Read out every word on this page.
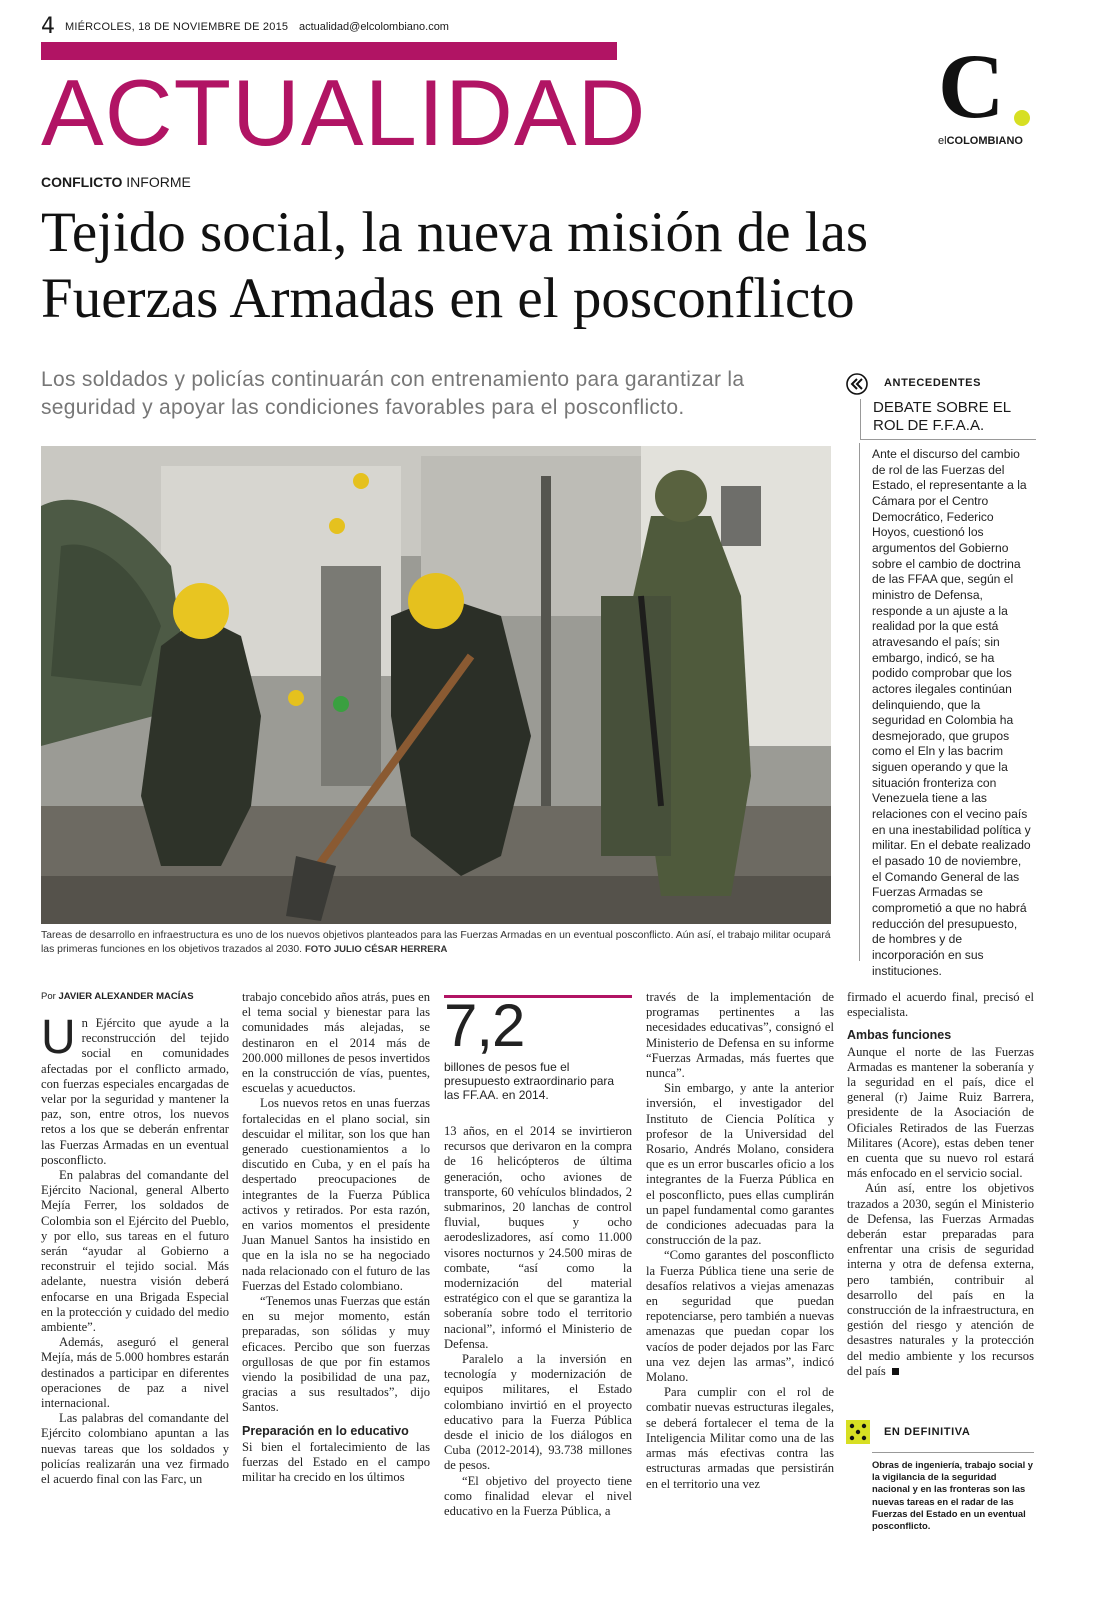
4 MIÉRCOLES, 18 DE NOVIEMBRE DE 2015 actualidad@elcolombiano.com
ACTUALIDAD	C
elCOLOMBIANO
CONFLICTO INFORME
Tejido social, la nueva misión de las Fuerzas Armadas en el posconflicto
Los soldados y policías continuarán con entrenamiento para garantizar la seguridad y apoyar las condiciones favorables para el posconflicto.
Tareas de desarrollo en infraestructura es uno de los nuevos objetivos planteados para las Fuerzas Armadas en un eventual posconflicto. Aún así, el trabajo militar ocupará las primeras funciones en los objetivos trazados al 2030. FOTO JULIO CÉSAR HERRERA
ANTECEDENTES
DEBATE SOBRE EL ROL DE F.F.A.A.
Ante el discurso del cambio de rol de las Fuerzas del Estado, el representante a la Cámara por el Centro Democrático, Federico Hoyos, cuestionó los argumentos del Gobierno sobre el cambio de doctrina de las FFAA que, según el ministro de Defensa, responde a un ajuste a la realidad por la que está atravesando el país; sin embargo, indicó, se ha podido comprobar que los actores ilegales continúan delinquiendo, que la seguridad en Colombia ha desmejorado, que grupos como el Eln y las bacrim siguen operando y que la situación fronteriza con Venezuela tiene a las relaciones con el vecino país en una inestabilidad política y militar. En el debate realizado el pasado 10 de noviembre, el Comando General de las Fuerzas Armadas se comprometió a que no habrá reducción del presupuesto, de hombres y de incorporación en sus instituciones.

Por JAVIER ALEXANDER MACÍAS

Un Ejército que ayude a la reconstrucción del tejido social en comunidades afectadas por el conflicto armado, con fuerzas especiales encargadas de velar por la seguridad y mantener la paz, son, entre otros, los nuevos retos a los que se deberán enfrentar las Fuerzas Armadas en un eventual posconflicto.

En palabras del comandante del Ejército Nacional, general Alberto Mejía Ferrer, los soldados de Colombia son el Ejército del Pueblo, y por ello, sus tareas en el futuro serán “ayudar al Gobierno a reconstruir el tejido social. Más adelante, nuestra visión deberá enfocarse en una Brigada Especial en la protección y cuidado del medio ambiente”.

Además, aseguró el general Mejía, más de 5.000 hombres estarán destinados a participar en diferentes operaciones de paz a nivel internacional.

Las palabras del comandante del Ejército colombiano apuntan a las nuevas tareas que los soldados y policías realizarán una vez firmado el acuerdo final con las Farc, un

trabajo concebido años atrás, pues en el tema social y bienestar para las comunidades más alejadas, se destinaron en el 2014 más de 200.000 millones de pesos invertidos en la construcción de vías, puentes, escuelas y acueductos.

Los nuevos retos en unas fuerzas fortalecidas en el plano social, sin descuidar el militar, son los que han generado cuestionamientos a lo discutido en Cuba, y en el país ha despertado preocupaciones de integrantes de la Fuerza Pública activos y retirados. Por esta razón, en varios momentos el presidente Juan Manuel Santos ha insistido en que en la isla no se ha negociado nada relacionado con el futuro de las Fuerzas del Estado colombiano.

“Tenemos unas Fuerzas que están en su mejor momento, están preparadas, son sólidas y muy eficaces. Percibo que son fuerzas orgullosas de que por fin estamos viendo la posibilidad de una paz, gracias a sus resultados”, dijo Santos.

Preparación en lo educativo

Si bien el fortalecimiento de las fuerzas del Estado en el campo militar ha crecido en los últimos

7,2
billones de pesos fue el presupuesto extraordinario para las FF.AA. en 2014.

13 años, en el 2014 se invirtieron recursos que derivaron en la compra de 16 helicópteros de última generación, ocho aviones de transporte, 60 vehículos blindados, 2 submarinos, 20 lanchas de control fluvial, buques y ocho aerodeslizadores, así como 11.000 visores nocturnos y 24.500 miras de combate, “así como la modernización del material estratégico con el que se garantiza la soberanía sobre todo el territorio nacional”, informó el Ministerio de Defensa.

Paralelo a la inversión en tecnología y modernización de equipos militares, el Estado colombiano invirtió en el proyecto educativo para la Fuerza Pública desde el inicio de los diálogos en Cuba (2012-2014), 93.738 millones de pesos.

“El objetivo del proyecto tiene como finalidad elevar el nivel educativo en la Fuerza Pública, a

través de la implementación de programas pertinentes a las necesidades educativas”, consignó el Ministerio de Defensa en su informe “Fuerzas Armadas, más fuertes que nunca”.

Sin embargo, y ante la anterior inversión, el investigador del Instituto de Ciencia Política y profesor de la Universidad del Rosario, Andrés Molano, considera que es un error buscarles oficio a los integrantes de la Fuerza Pública en el posconflicto, pues ellas cumplirán un papel fundamental como garantes de condiciones adecuadas para la construcción de la paz.

“Como garantes del posconflicto la Fuerza Pública tiene una serie de desafíos relativos a viejas amenazas en seguridad que puedan repotenciarse, pero también a nuevas amenazas que puedan copar los vacíos de poder dejados por las Farc una vez dejen las armas”, indicó Molano.

Para cumplir con el rol de combatir nuevas estructuras ilegales, se deberá fortalecer el tema de la Inteligencia Militar como una de las armas más efectivas contra las estructuras armadas que persistirán en el territorio una vez

firmado el acuerdo final, precisó el especialista.

Ambas funciones

Aunque el norte de las Fuerzas Armadas es mantener la soberanía y la seguridad en el país, dice el general (r) Jaime Ruiz Barrera, presidente de la Asociación de Oficiales Retirados de las Fuerzas Militares (Acore), estas deben tener en cuenta que su nuevo rol estará más enfocado en el servicio social.

Aún así, entre los objetivos trazados a 2030, según el Ministerio de Defensa, las Fuerzas Armadas deberán estar preparadas para enfrentar una crisis de seguridad interna y otra de defensa externa, pero también, contribuir al desarrollo del país en la construcción de la infraestructura, en gestión del riesgo y atención de desastres naturales y la protección del medio ambiente y los recursos del país

EN DEFINITIVA
Obras de ingeniería, trabajo social y la vigilancia de la seguridad nacional y en las fronteras son las nuevas tareas en el radar de las Fuerzas del Estado en un eventual posconflicto.
